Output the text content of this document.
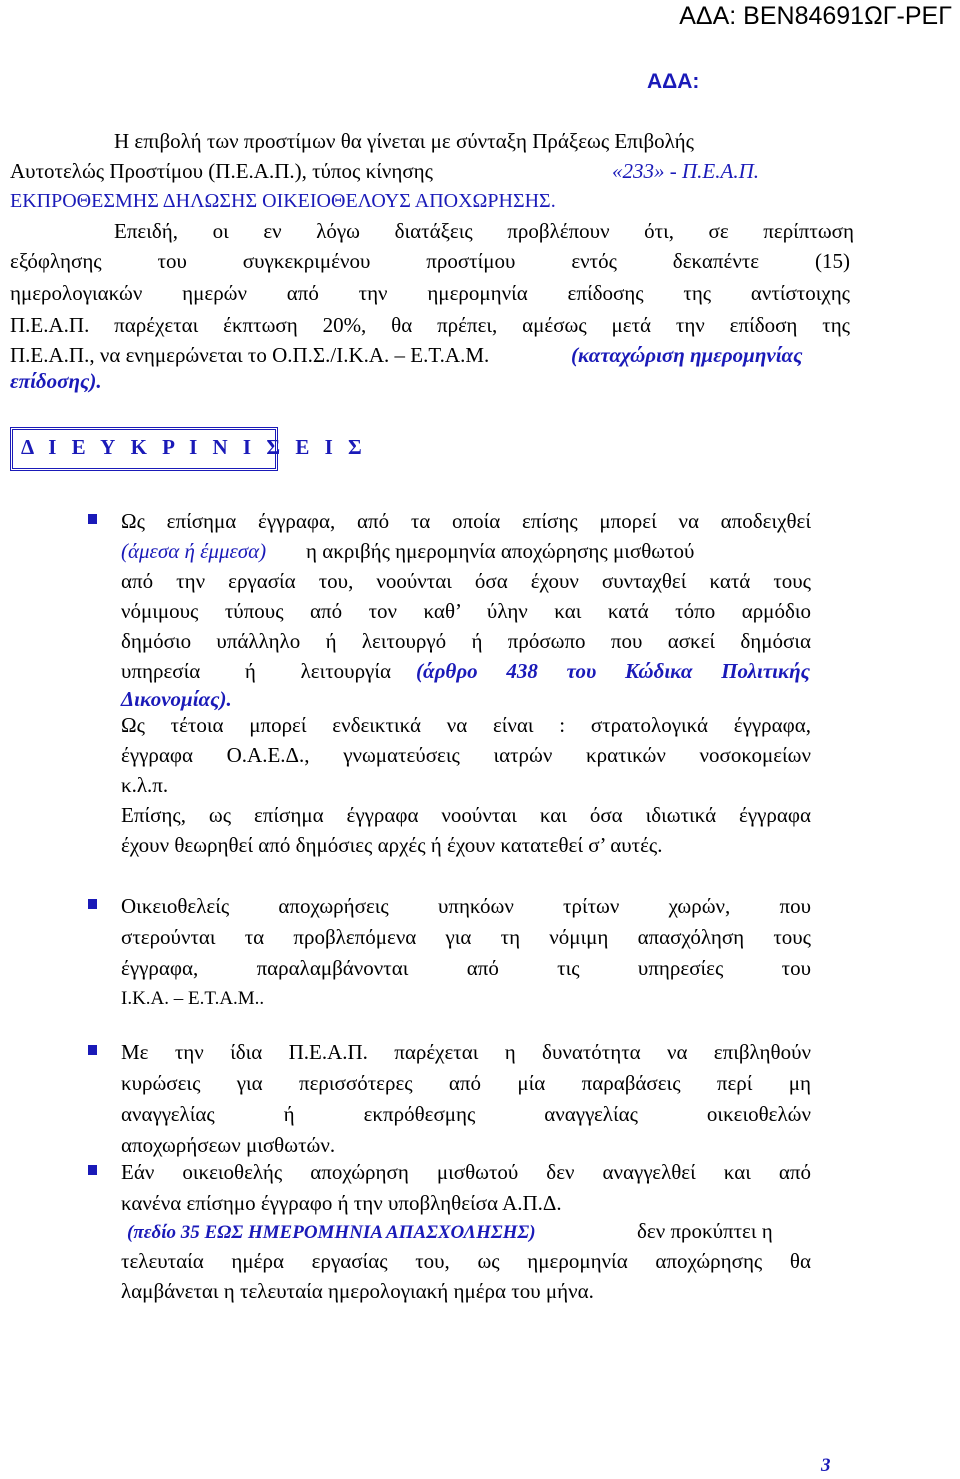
ΑΔΑ: ΒΕΝ84691ΩΓ-ΡΕΓ
ΑΔΑ:
Η επιβολή των προστίμων θα γίνεται με σύνταξη Πράξεως Επιβολής
Αυτοτελώς Προστίμου (Π.Ε.Α.Π.), τύπος κίνησης	«233» - Π.Ε.Α.Π.
ΕΚΠΡΟΘΕΣΜΗΣ ΔΗΛΩΣΗΣ ΟΙΚΕΙΟΘΕΛΟΥΣ ΑΠΟΧΩΡΗΣΗΣ.
Επειδή, οι εν λόγω διατάξεις προβλέπουν ότι, σε περίπτωση
εξόφλησης του συγκεκριμένου προστίμου εντός δεκαπέντε (15)
ημερολογιακών ημερών από την ημερομηνία επίδοσης της αντίστοιχης
Π.Ε.Α.Π. παρέχεται έκπτωση 20%, θα πρέπει, αμέσως μετά την επίδοση της
Π.Ε.Α.Π., να ενημερώνεται το Ο.Π.Σ./Ι.Κ.Α. – Ε.Τ.Α.Μ.	(καταχώριση ημερομηνίας
επίδοσης).
Δ Ι Ε Υ Κ Ρ Ι Ν Ι Σ Ε Ι Σ
Ως επίσημα έγγραφα, από τα οποία επίσης μπορεί να αποδειχθεί
(άμεσα ή έμμεσα) η ακριβής ημερομηνία αποχώρησης μισθωτού
από την εργασία του, νοούνται όσα έχουν συνταχθεί κατά τους
νόμιμους τύπους από τον καθ’ ύλην και κατά τόπο αρμόδιο
δημόσιο υπάλληλο ή λειτουργό ή πρόσωπο που ασκεί δημόσια
υπηρεσία ή λειτουργία (άρθρο 438 του Κώδικα Πολιτικής
Δικονομίας).
Ως τέτοια μπορεί ενδεικτικά να είναι : στρατολογικά έγγραφα,
έγγραφα Ο.Α.Ε.Δ., γνωματεύσεις ιατρών κρατικών νοσοκομείων
κ.λ.π.
Επίσης, ως επίσημα έγγραφα νοούνται και όσα ιδιωτικά έγγραφα
έχουν θεωρηθεί από δημόσιες αρχές ή έχουν κατατεθεί σ’ αυτές.
Οικειοθελείς αποχωρήσεις υπηκόων τρίτων χωρών, που
στερούνται τα προβλεπόμενα για τη νόμιμη απασχόληση τους
έγγραφα, παραλαμβάνονται από τις υπηρεσίες του
Ι.Κ.Α. – Ε.Τ.Α.Μ..
Με την ίδια Π.Ε.Α.Π. παρέχεται η δυνατότητα να επιβληθούν
κυρώσεις για περισσότερες από μία παραβάσεις περί μη
αναγγελίας ή εκπρόθεσμης αναγγελίας οικειοθελών
αποχωρήσεων μισθωτών.
Εάν οικειοθελής αποχώρηση μισθωτού δεν αναγγελθεί και από
κανένα επίσημο έγγραφο ή την υποβληθείσα Α.Π.Δ.
(πεδίο 35 ΕΩΣ ΗΜΕΡΟΜΗΝΙΑ ΑΠΑΣΧΟΛΗΣΗΣ)	δεν προκύπτει η
τελευταία ημέρα εργασίας του, ως ημερομηνία αποχώρησης θα
λαμβάνεται η τελευταία ημερολογιακή ημέρα του μήνα.
3
